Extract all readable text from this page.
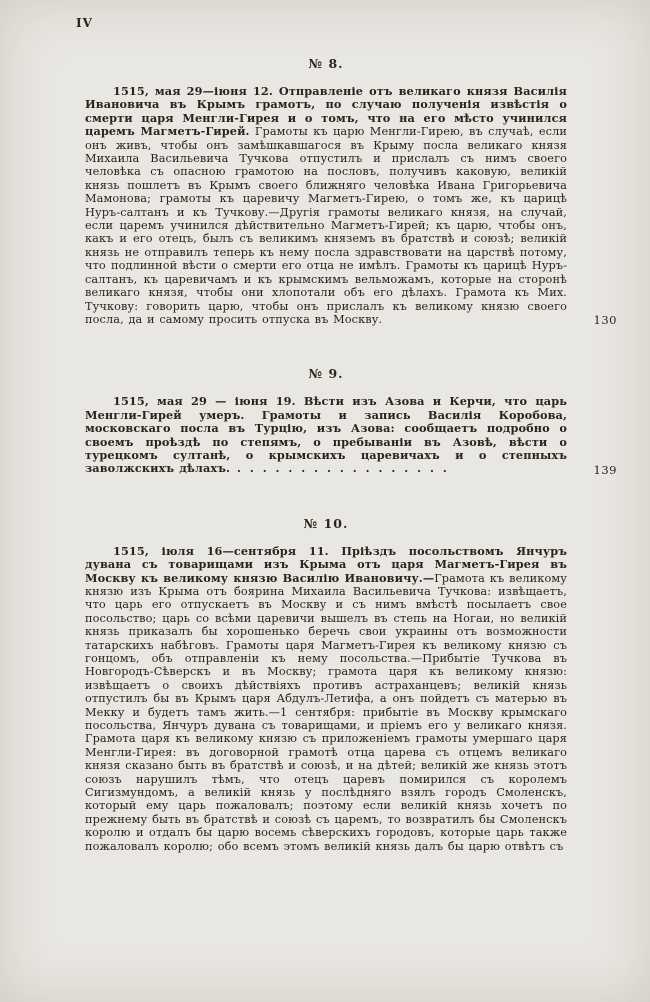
IV
№ 8.

1515, мая 29—іюня 12. Отправленіе отъ великаго князя Василія Ивановича въ Крымъ грамотъ, по случаю полученія извѣстія о смерти царя Менгли-Гирея и о томъ, что на его мѣсто учинился царемъ Магметъ-Гирей. Грамоты къ царю Менгли-Гирею, въ случаѣ, если онъ живъ, чтобы онъ замѣшкавшагося въ Крыму посла великаго князя Михаила Васильевича Тучкова отпустилъ и прислалъ съ нимъ своего человѣка съ опасною грамотою на пословъ, получивъ каковую, великій князь пошлетъ въ Крымъ своего ближняго человѣка Ивана Григорьевича Мамонова; грамоты къ царевичу Магметъ-Гирею, о томъ же, къ царицѣ Нуръ-салтанъ и къ Тучкову.—Другія грамоты великаго князя, на случай, если царемъ учинился дѣйствительно Магметъ-Гирей; къ царю, чтобы онъ, какъ и его отецъ, былъ съ великимъ княземъ въ братствѣ и союзѣ; великій князь не отправилъ теперь къ нему посла здравствовати на царствѣ потому, что подлинной вѣсти о смерти его отца не имѣлъ. Грамоты къ царицѣ Нуръ-салтанъ, къ царевичамъ и къ крымскимъ вельможамъ, которые на сторонѣ великаго князя, чтобы они хлопотали объ его дѣлахъ. Грамота къ Мих. Тучкову: говорить царю, чтобы онъ прислалъ къ великому князю своего посла, да и самому просить отпуска въ Москву.	130
№ 9.

1515, мая 29 — іюня 19. Вѣсти изъ Азова и Керчи, что царь Менгли-Гирей умеръ. Грамоты и запись Василія Коробова, московскаго посла въ Турцію, изъ Азова: сообщаетъ подробно о своемъ проѣздѣ по степямъ, о пребываніи въ Азовѣ, вѣсти о турецкомъ султанѣ, о крымскихъ царевичахъ и о степныхъ заволжскихъ дѣлахъ. . . . . . . . . . . . . . . . . .	139
№ 10.

1515, іюля 16—сентября 11. Пріѣздъ посольствомъ Янчуръ дувана съ товарищами изъ Крыма отъ царя Магметъ-Гирея въ Москву къ великому князю Василію Ивановичу.—Грамота къ великому князю изъ Крыма отъ боярина Михаила Васильевича Тучкова: извѣщаетъ, что царь его отпускаетъ въ Москву и съ нимъ вмѣстѣ посылаетъ свое посольство; царь со всѣми царевичи вышелъ въ степь на Ногаи, но великій князь приказалъ бы хорошенько беречь свои украины отъ возможности татарскихъ набѣговъ. Грамоты царя Магметъ-Гирея къ великому князю съ гонцомъ, объ отправленіи къ нему посольства.—Прибытіе Тучкова въ Новгородъ-Сѣверскъ и въ Москву; грамота царя къ великому князю: извѣщаетъ о своихъ дѣйствіяхъ противъ астраханцевъ; великій князь отпустилъ бы въ Крымъ царя Абдулъ-Летифа, а онъ пойдетъ съ матерью въ Мекку и будетъ тамъ жить.—1 сентября: прибытіе въ Москву крымскаго посольства, Янчуръ дувана съ товарищами, и пріемъ его у великаго князя. Грамота царя къ великому князю съ приложеніемъ грамоты умершаго царя Менгли-Гирея: въ договорной грамотѣ отца царева съ отцемъ великаго князя сказано быть въ братствѣ и союзѣ, и на дѣтей; великій же князь этотъ союзъ нарушилъ тѣмъ, что отецъ царевъ помирился съ королемъ Сигизмундомъ, а великій князь у послѣдняго взялъ городъ Смоленскъ, который ему царь пожаловалъ; поэтому если великій князь хочетъ по прежнему быть въ братствѣ и союзѣ съ царемъ, то возвратилъ бы Смоленскъ королю и отдалъ бы царю восемь сѣверскихъ городовъ, которые царь также пожаловалъ королю; обо всемъ этомъ великій князь далъ бы царю отвѣтъ съ
